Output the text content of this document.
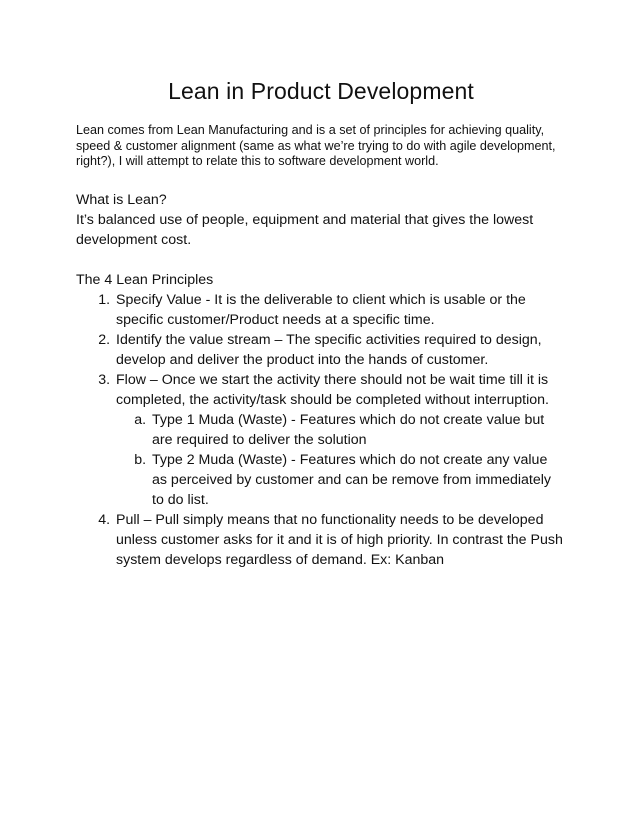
Lean in Product Development

Lean comes from Lean Manufacturing and is a set of principles for achieving quality, speed & customer alignment (same as what we’re trying to do with agile development, right?), I will attempt to relate this to software development world.

What is Lean?

It’s balanced use of people, equipment and material that gives the lowest development cost.

The 4 Lean Principles

1. Specify Value - It is the deliverable to client which is usable or the specific customer/Product needs at a specific time.
2. Identify the value stream – The specific activities required to design, develop and deliver the product into the hands of customer.
3. Flow – Once we start the activity there should not be wait time till it is completed, the activity/task should be completed without interruption.
a. Type 1 Muda (Waste) - Features which do not create value but are required to deliver the solution
b. Type 2 Muda (Waste) - Features which do not create any value as perceived by customer and can be remove from immediately to do list.
4. Pull – Pull simply means that no functionality needs to be developed unless customer asks for it and it is of high priority. In contrast the Push system develops regardless of demand. Ex: Kanban
